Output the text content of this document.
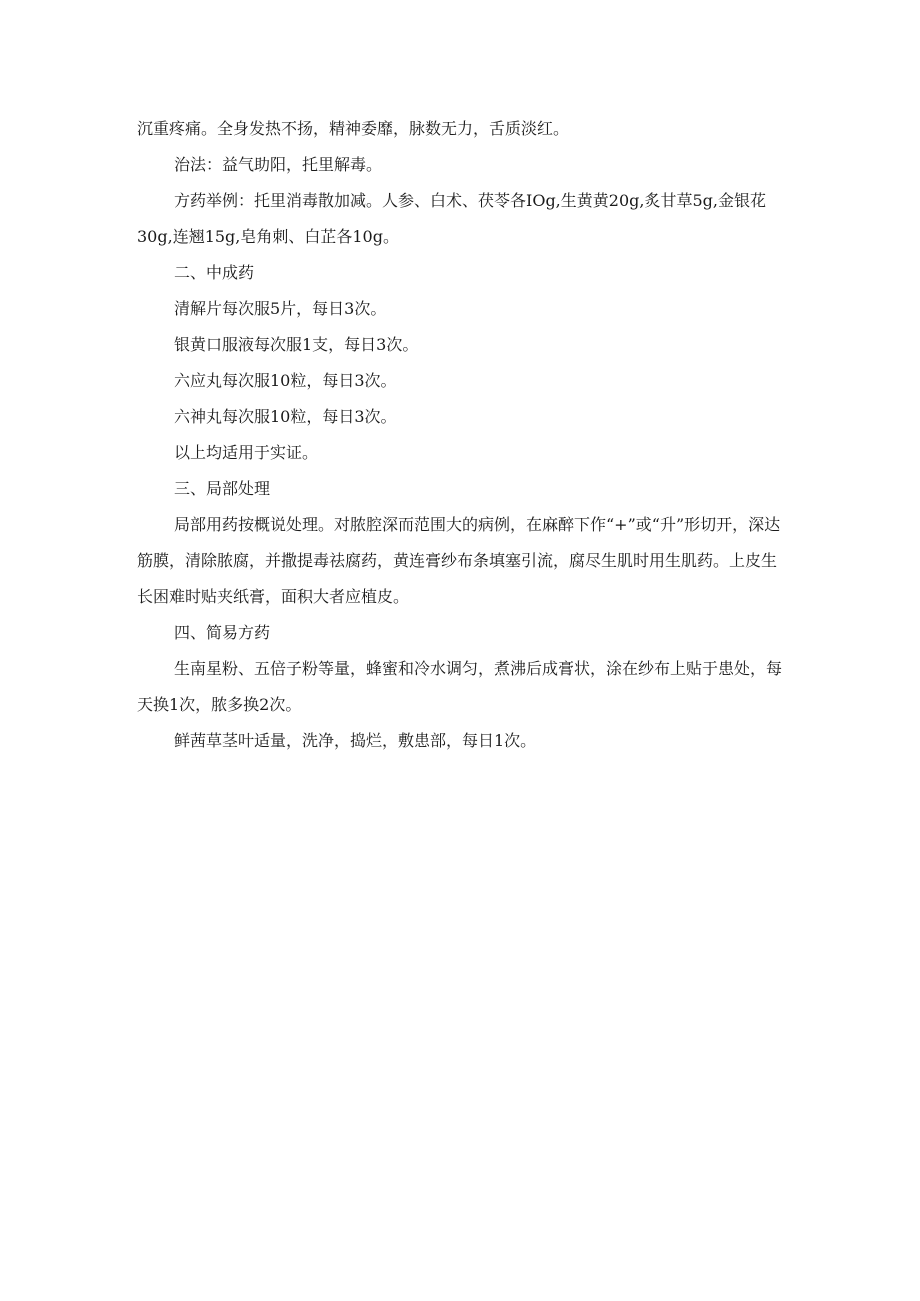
沉重疼痛。全身发热不扬，精神委靡，脉数无力，舌质淡红。

治法：益气助阳，托里解毒。

方药举例：托里消毒散加减。人参、白术、茯苓各IOg,生黄黄20g,炙甘草5g,金银花30g,连翘15g,皂角刺、白芷各10g。

二、中成药

清解片每次服5片，每日3次。

银黄口服液每次服1支，每日3次。

六应丸每次服10粒，每日3次。

六神丸每次服10粒，每日3次。

以上均适用于实证。

三、局部处理

局部用药按概说处理。对脓腔深而范围大的病例，在麻醉下作“+”或“升”形切开，深达筋膜，清除脓腐，并撒提毒祛腐药，黄连膏纱布条填塞引流，腐尽生肌时用生肌药。上皮生长困难时贴夹纸膏，面积大者应植皮。

四、简易方药

生南星粉、五倍子粉等量，蜂蜜和冷水调匀，煮沸后成膏状，涂在纱布上贴于患处，每天换1次，脓多换2次。

鲜茜草茎叶适量，洗净，捣烂，敷患部，每日1次。
